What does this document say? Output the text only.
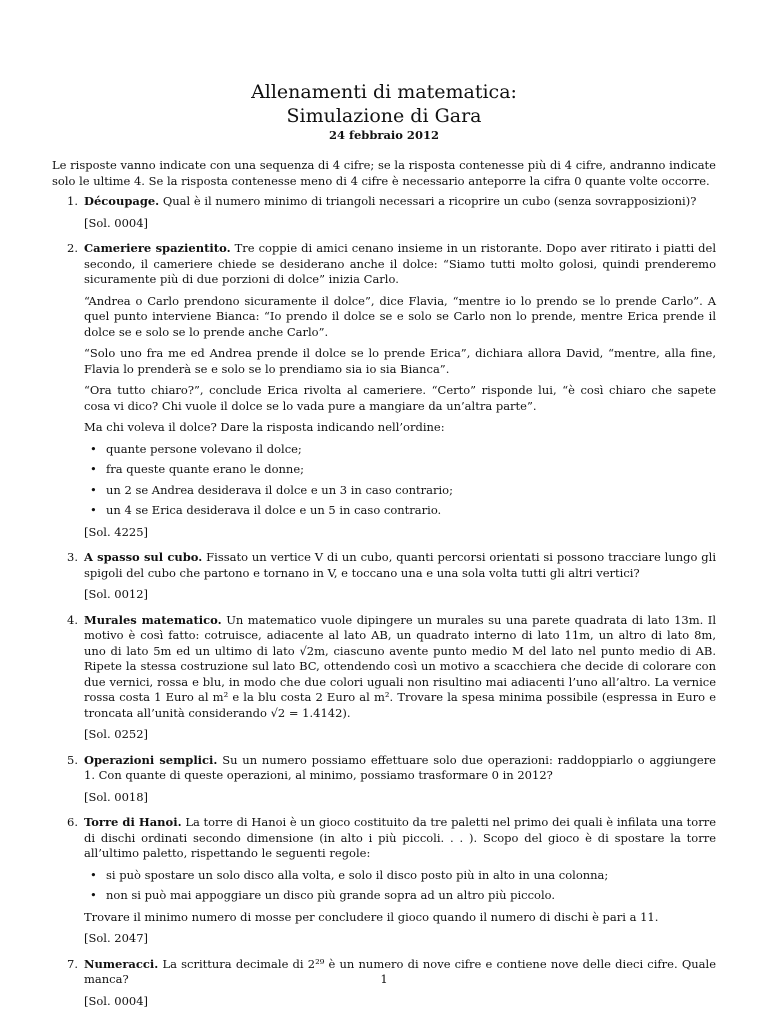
Allenamenti di matematica:
Simulazione di Gara
24 febbraio 2012
Le risposte vanno indicate con una sequenza di 4 cifre; se la risposta contenesse più di 4 cifre, andranno indicate solo le ultime 4. Se la risposta contenesse meno di 4 cifre è necessario anteporre la cifra 0 quante volte occorre.
1. Découpage. Qual è il numero minimo di triangoli necessari a ricoprire un cubo (senza sovrapposizioni)?

[Sol. 0004]
2. Cameriere spazientito. Tre coppie di amici cenano insieme in un ristorante. Dopo aver ritirato i piatti del secondo, il cameriere chiede se desiderano anche il dolce: “Siamo tutti molto golosi, quindi prenderemo sicuramente più di due porzioni di dolce” inizia Carlo.

“Andrea o Carlo prendono sicuramente il dolce”, dice Flavia, “mentre io lo prendo se lo prende Carlo”. A quel punto interviene Bianca: “Io prendo il dolce se e solo se Carlo non lo prende, mentre Erica prende il dolce se e solo se lo prende anche Carlo”.

“Solo uno fra me ed Andrea prende il dolce se lo prende Erica”, dichiara allora David, “mentre, alla fine, Flavia lo prenderà se e solo se lo prendiamo sia io sia Bianca”.

“Ora tutto chiaro?”, conclude Erica rivolta al cameriere. “Certo” risponde lui, “è così chiaro che sapete cosa vi dico? Chi vuole il dolce se lo vada pure a mangiare da un’altra parte”.

Ma chi voleva il dolce? Dare la risposta indicando nell’ordine:

• quante persone volevano il dolce;
• fra queste quante erano le donne;
• un 2 se Andrea desiderava il dolce e un 3 in caso contrario;
• un 4 se Erica desiderava il dolce e un 5 in caso contrario.
[Sol. 4225]
3. A spasso sul cubo. Fissato un vertice V di un cubo, quanti percorsi orientati si possono tracciare lungo gli spigoli del cubo che partono e tornano in V, e toccano una e una sola volta tutti gli altri vertici?

[Sol. 0012]
4. Murales matematico. Un matematico vuole dipingere un murales su una parete quadrata di lato 13m. Il motivo è così fatto: cotruisce, adiacente al lato AB, un quadrato interno di lato 11m, un altro di lato 8m, uno di lato 5m ed un ultimo di lato √2m, ciascuno avente punto medio M del lato nel punto medio di AB. Ripete la stessa costruzione sul lato BC, ottendendo così un motivo a scacchiera che decide di colorare con due vernici, rossa e blu, in modo che due colori uguali non risultino mai adiacenti l’uno all’altro. La vernice rossa costa 1 Euro al m² e la blu costa 2 Euro al m². Trovare la spesa minima possibile (espressa in Euro e troncata all’unità considerando √2 = 1.4142).

[Sol. 0252]
5. Operazioni semplici. Su un numero possiamo effettuare solo due operazioni: raddoppiarlo o aggiungere 1. Con quante di queste operazioni, al minimo, possiamo trasformare 0 in 2012?

[Sol. 0018]
6. Torre di Hanoi. La torre di Hanoi è un gioco costituito da tre paletti nel primo dei quali è infilata una torre di dischi ordinati secondo dimensione (in alto i più piccoli. . . ). Scopo del gioco è di spostare la torre all’ultimo paletto, rispettando le seguenti regole:

• si può spostare un solo disco alla volta, e solo il disco posto più in alto in una colonna;
• non si può mai appoggiare un disco più grande sopra ad un altro più piccolo.

Trovare il minimo numero di mosse per concludere il gioco quando il numero di dischi è pari a 11.

[Sol. 2047]
7. Numeracci. La scrittura decimale di 2²⁹ è un numero di nove cifre e contiene nove delle dieci cifre. Quale manca?

[Sol. 0004]
1
